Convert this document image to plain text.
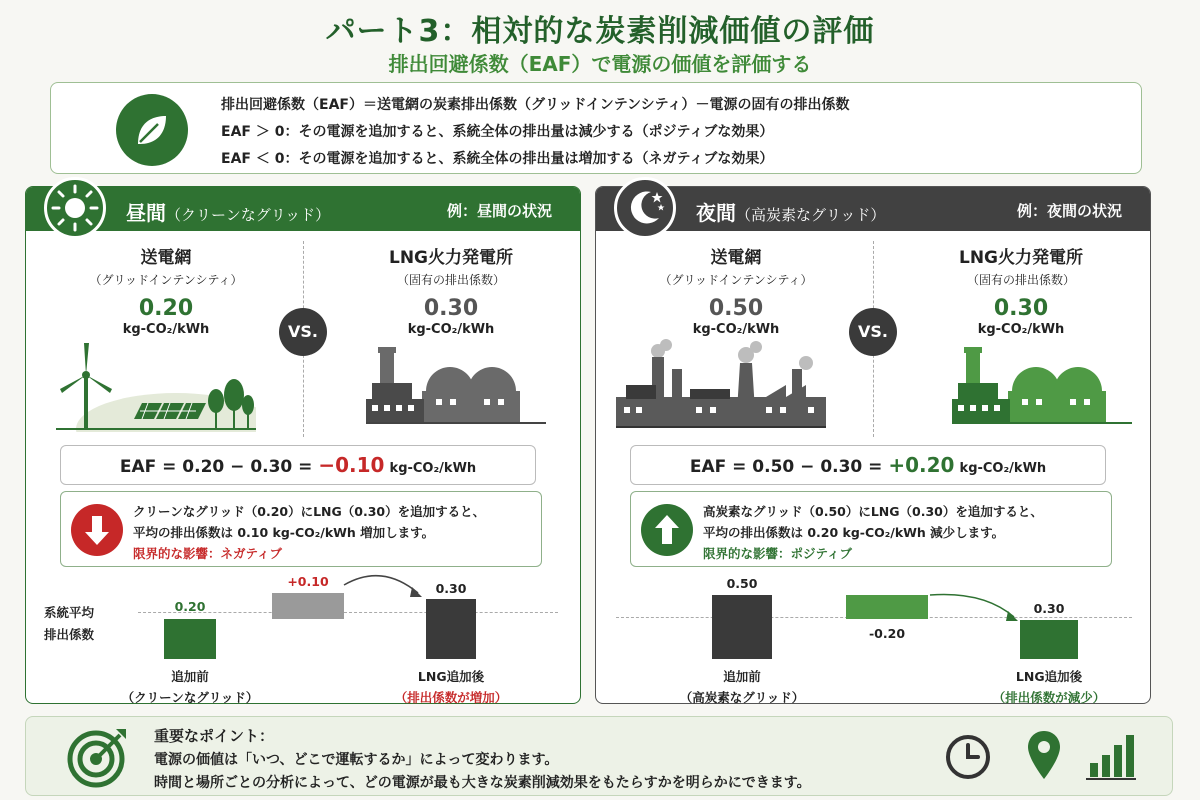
パート3：相対的な炭素削減価値の評価
排出回避係数（EAF）で電源の価値を評価する
排出回避係数（EAF）＝送電網の炭素排出係数（グリッドインテンシティ）－電源の固有の排出係数
EAF ＞ 0：その電源を追加すると、系統全体の排出量は減少する（ポジティブな効果）
EAF ＜ 0：その電源を追加すると、系統全体の排出量は増加する（ネガティブな効果）
昼間（クリーンなグリッド）	例：昼間の状況
送電網
（グリッドインテンシティ）
0.20
kg-CO₂/kWh	VS.
LNG火力発電所
（固有の排出係数）
0.30
kg-CO₂/kWh
EAF = 0.20 − 0.30 = −0.10 kg-CO₂/kWh
クリーンなグリッド（0.20）にLNG（0.30）を追加すると、
平均の排出係数は 0.10 kg-CO₂/kWh 増加します。
限界的な影響：ネガティブ
系統平均
排出係数
0.20
+0.10	0.30
追加前
（クリーンなグリッド）
LNG追加後
（排出係数が増加）
夜間（高炭素なグリッド）	例：夜間の状況
送電網
（グリッドインテンシティ）
0.50
kg-CO₂/kWh	VS.
LNG火力発電所
（固有の排出係数）
0.30
kg-CO₂/kWh
EAF = 0.50 − 0.30 = +0.20 kg-CO₂/kWh
高炭素なグリッド（0.50）にLNG（0.30）を追加すると、
平均の排出係数は 0.20 kg-CO₂/kWh 減少します。
限界的な影響：ポジティブ
0.50
-0.20
0.30
追加前
（高炭素なグリッド）
LNG追加後
（排出係数が減少）
重要なポイント：
電源の価値は「いつ、どこで運転するか」によって変わります。
時間と場所ごとの分析によって、どの電源が最も大きな炭素削減効果をもたらすかを明らかにできます。
